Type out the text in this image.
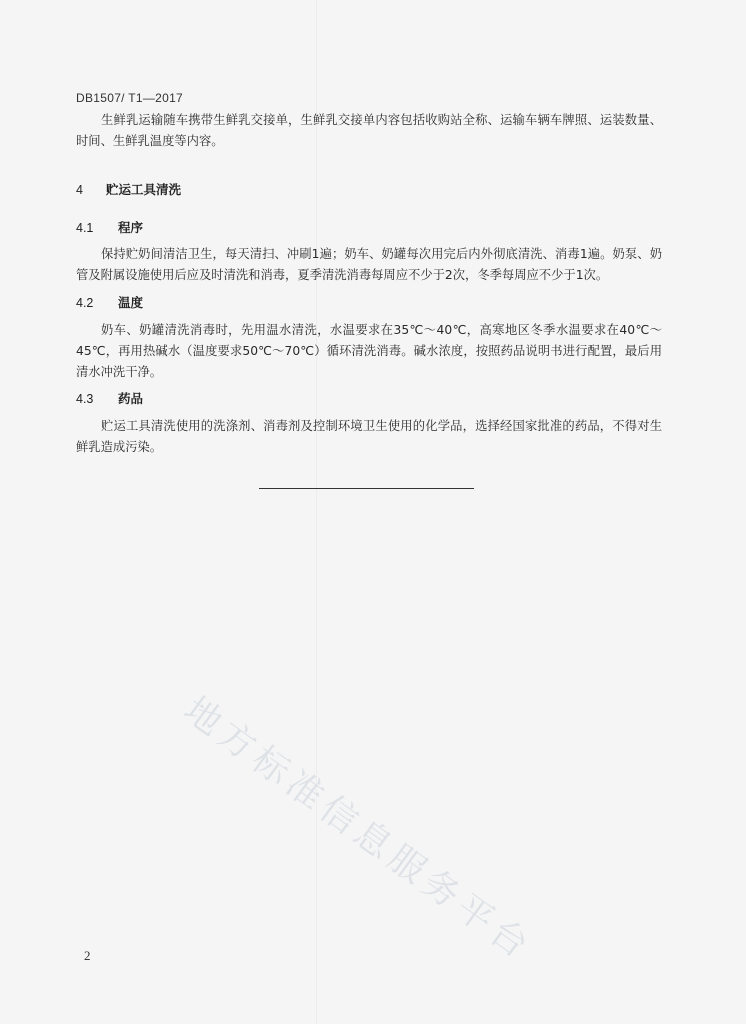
DB1507/ T1—2017

生鲜乳运输随车携带生鲜乳交接单，生鲜乳交接单内容包括收购站全称、运输车辆车牌照、运装数量、时间、生鲜乳温度等内容。

4 贮运工具清洗
4.1 程序

保持贮奶间清洁卫生，每天清扫、冲刷1遍；奶车、奶罐每次用完后内外彻底清洗、消毒1遍。奶泵、奶管及附属设施使用后应及时清洗和消毒，夏季清洗消毒每周应不少于2次，冬季每周应不少于1次。

4.2 温度

奶车、奶罐清洗消毒时，先用温水清洗，水温要求在35℃～40℃，高寒地区冬季水温要求在40℃～45℃，再用热碱水（温度要求50℃～70℃）循环清洗消毒。碱水浓度，按照药品说明书进行配置，最后用清水冲洗干净。

4.3 药品

贮运工具清洗使用的洗涤剂、消毒剂及控制环境卫生使用的化学品，选择经国家批准的药品，不得对生鲜乳造成污染。

地方标准信息服务平台
2
